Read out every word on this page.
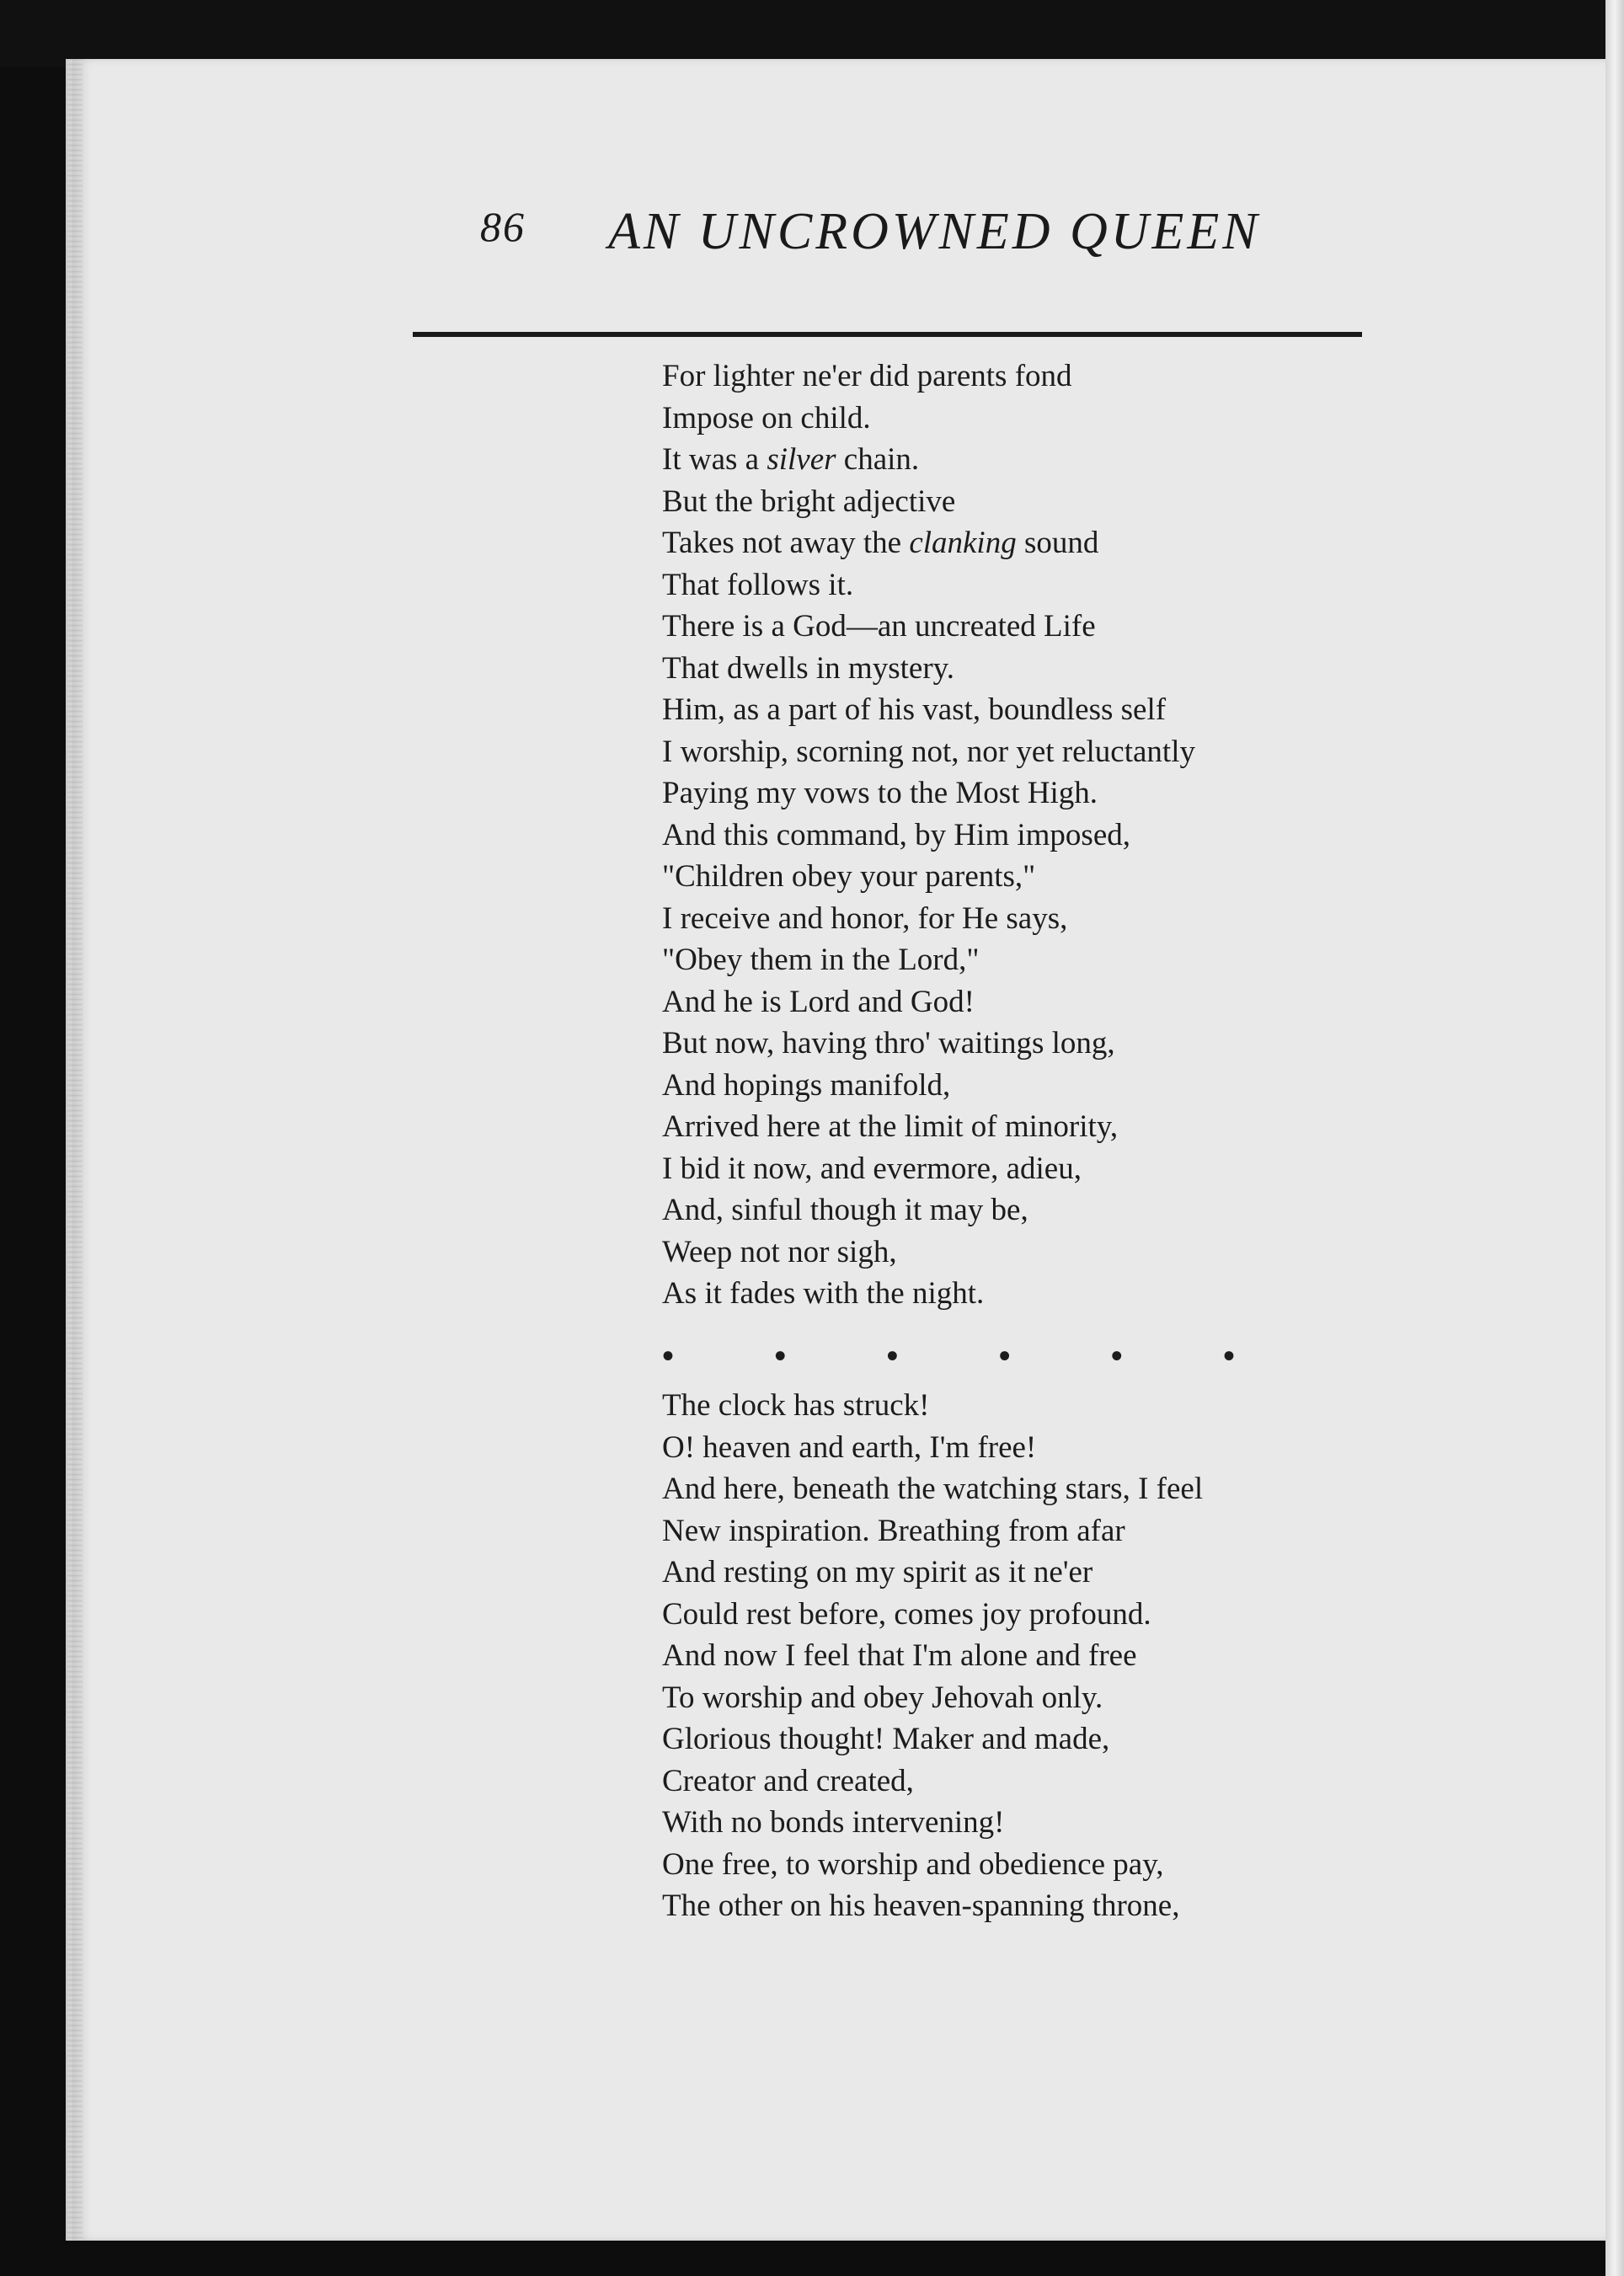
86 AN UNCROWNED QUEEN
For lighter ne'er did parents fond
Impose on child.
It was a silver chain.
But the bright adjective
Takes not away the clanking sound
That follows it.
There is a God—an uncreated Life
That dwells in mystery.
Him, as a part of his vast, boundless self
I worship, scorning not, nor yet reluctantly
Paying my vows to the Most High.
And this command, by Him imposed,
"Children obey your parents,"
I receive and honor, for He says,
"Obey them in the Lord,"
And he is Lord and God!
But now, having thro' waitings long,
And hopings manifold,
Arrived here at the limit of minority,
I bid it now, and evermore, adieu,
And, sinful though it may be,
Weep not nor sigh,
As it fades with the night.
•	•	•	•	•	•
The clock has struck!
O! heaven and earth, I'm free!
And here, beneath the watching stars, I feel
New inspiration. Breathing from afar
And resting on my spirit as it ne'er
Could rest before, comes joy profound.
And now I feel that I'm alone and free
To worship and obey Jehovah only.
Glorious thought! Maker and made,
Creator and created,
With no bonds intervening!
One free, to worship and obedience pay,
The other on his heaven-spanning throne,
